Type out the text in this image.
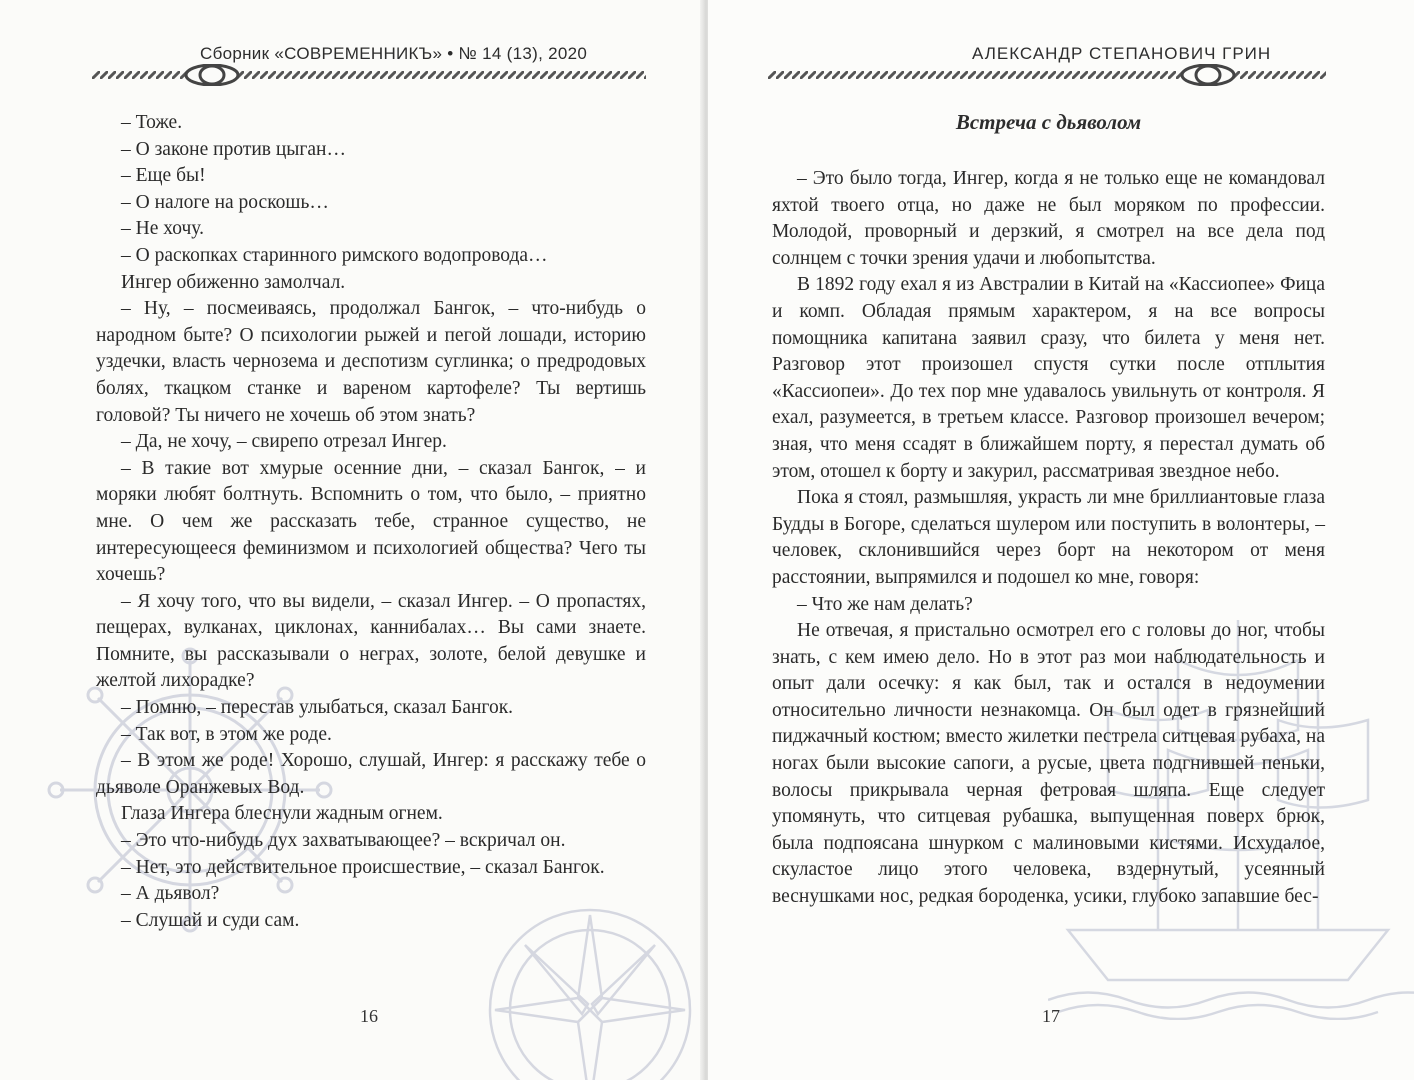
Сборник «СОВРЕМЕННИКЪ» • № 14 (13), 2020

– Тоже.

– О законе против цыган…

– Еще бы!

– О налоге на роскошь…

– Не хочу.

– О раскопках старинного римского водопровода…

Ингер обиженно замолчал.

– Ну, – посмеиваясь, продолжал Бангок, – что-нибудь о народном быте? О психологии рыжей и пегой лошади, историю уздечки, власть чернозема и деспотизм суглинка; о предродовых болях, ткацком станке и вареном картофеле? Ты вертишь головой? Ты ничего не хочешь об этом знать?

– Да, не хочу, – свирепо отрезал Ингер.

– В такие вот хмурые осенние дни, – сказал Бангок, – и моряки любят болтнуть. Вспомнить о том, что было, – приятно мне. О чем же рассказать тебе, странное существо, не интересующееся феминизмом и психологией общества? Чего ты хочешь?

– Я хочу того, что вы видели, – сказал Ингер. – О пропастях, пещерах, вулканах, циклонах, каннибалах… Вы сами знаете. Помните, вы рассказывали о неграх, золоте, белой девушке и желтой лихорадке?

– Помню, – перестав улыбаться, сказал Бангок.

– Так вот, в этом же роде.

– В этом же роде! Хорошо, слушай, Ингер: я расскажу тебе о дьяволе Оранжевых Вод.

Глаза Ингера блеснули жадным огнем.

– Это что-нибудь дух захватывающее? – вскричал он.

– Нет, это действительное происшествие, – сказал Бангок.

– А дьявол?

– Слушай и суди сам.

16
АЛЕКСАНДР СТЕПАНОВИЧ ГРИН
Встреча с дьяволом

– Это было тогда, Ингер, когда я не только еще не командовал яхтой твоего отца, но даже не был моряком по профессии. Молодой, проворный и дерзкий, я смотрел на все дела под солнцем с точки зрения удачи и любопытства.

В 1892 году ехал я из Австралии в Китай на «Кассиопее» Фица и комп. Обладая прямым характером, я на все вопросы помощника капитана заявил сразу, что билета у меня нет. Разговор этот произошел спустя сутки после отплытия «Кассиопеи». До тех пор мне удавалось увильнуть от контроля. Я ехал, разумеется, в третьем классе. Разговор произошел вечером; зная, что меня ссадят в ближайшем порту, я перестал думать об этом, отошел к борту и закурил, рассматривая звездное небо.

Пока я стоял, размышляя, украсть ли мне бриллиантовые глаза Будды в Богоре, сделаться шулером или поступить в волонтеры, – человек, склонившийся через борт на некотором от меня расстоянии, выпрямился и подошел ко мне, говоря:

– Что же нам делать?

Не отвечая, я пристально осмотрел его с головы до ног, чтобы знать, с кем имею дело. Но в этот раз мои наблюдательность и опыт дали осечку: я как был, так и остался в недоумении относительно личности незнакомца. Он был одет в грязнейший пиджачный костюм; вместо жилетки пестрела ситцевая рубаха, на ногах были высокие сапоги, а русые, цвета подгнившей пеньки, волосы прикрывала черная фетровая шляпа. Еще следует упомянуть, что ситцевая рубашка, выпущенная поверх брюк, была подпоясана шнурком с малиновыми кистями. Исхудалое, скуластое лицо этого человека, вздернутый, усеянный веснушками нос, редкая бороденка, усики, глубоко запавшие бес-

17
